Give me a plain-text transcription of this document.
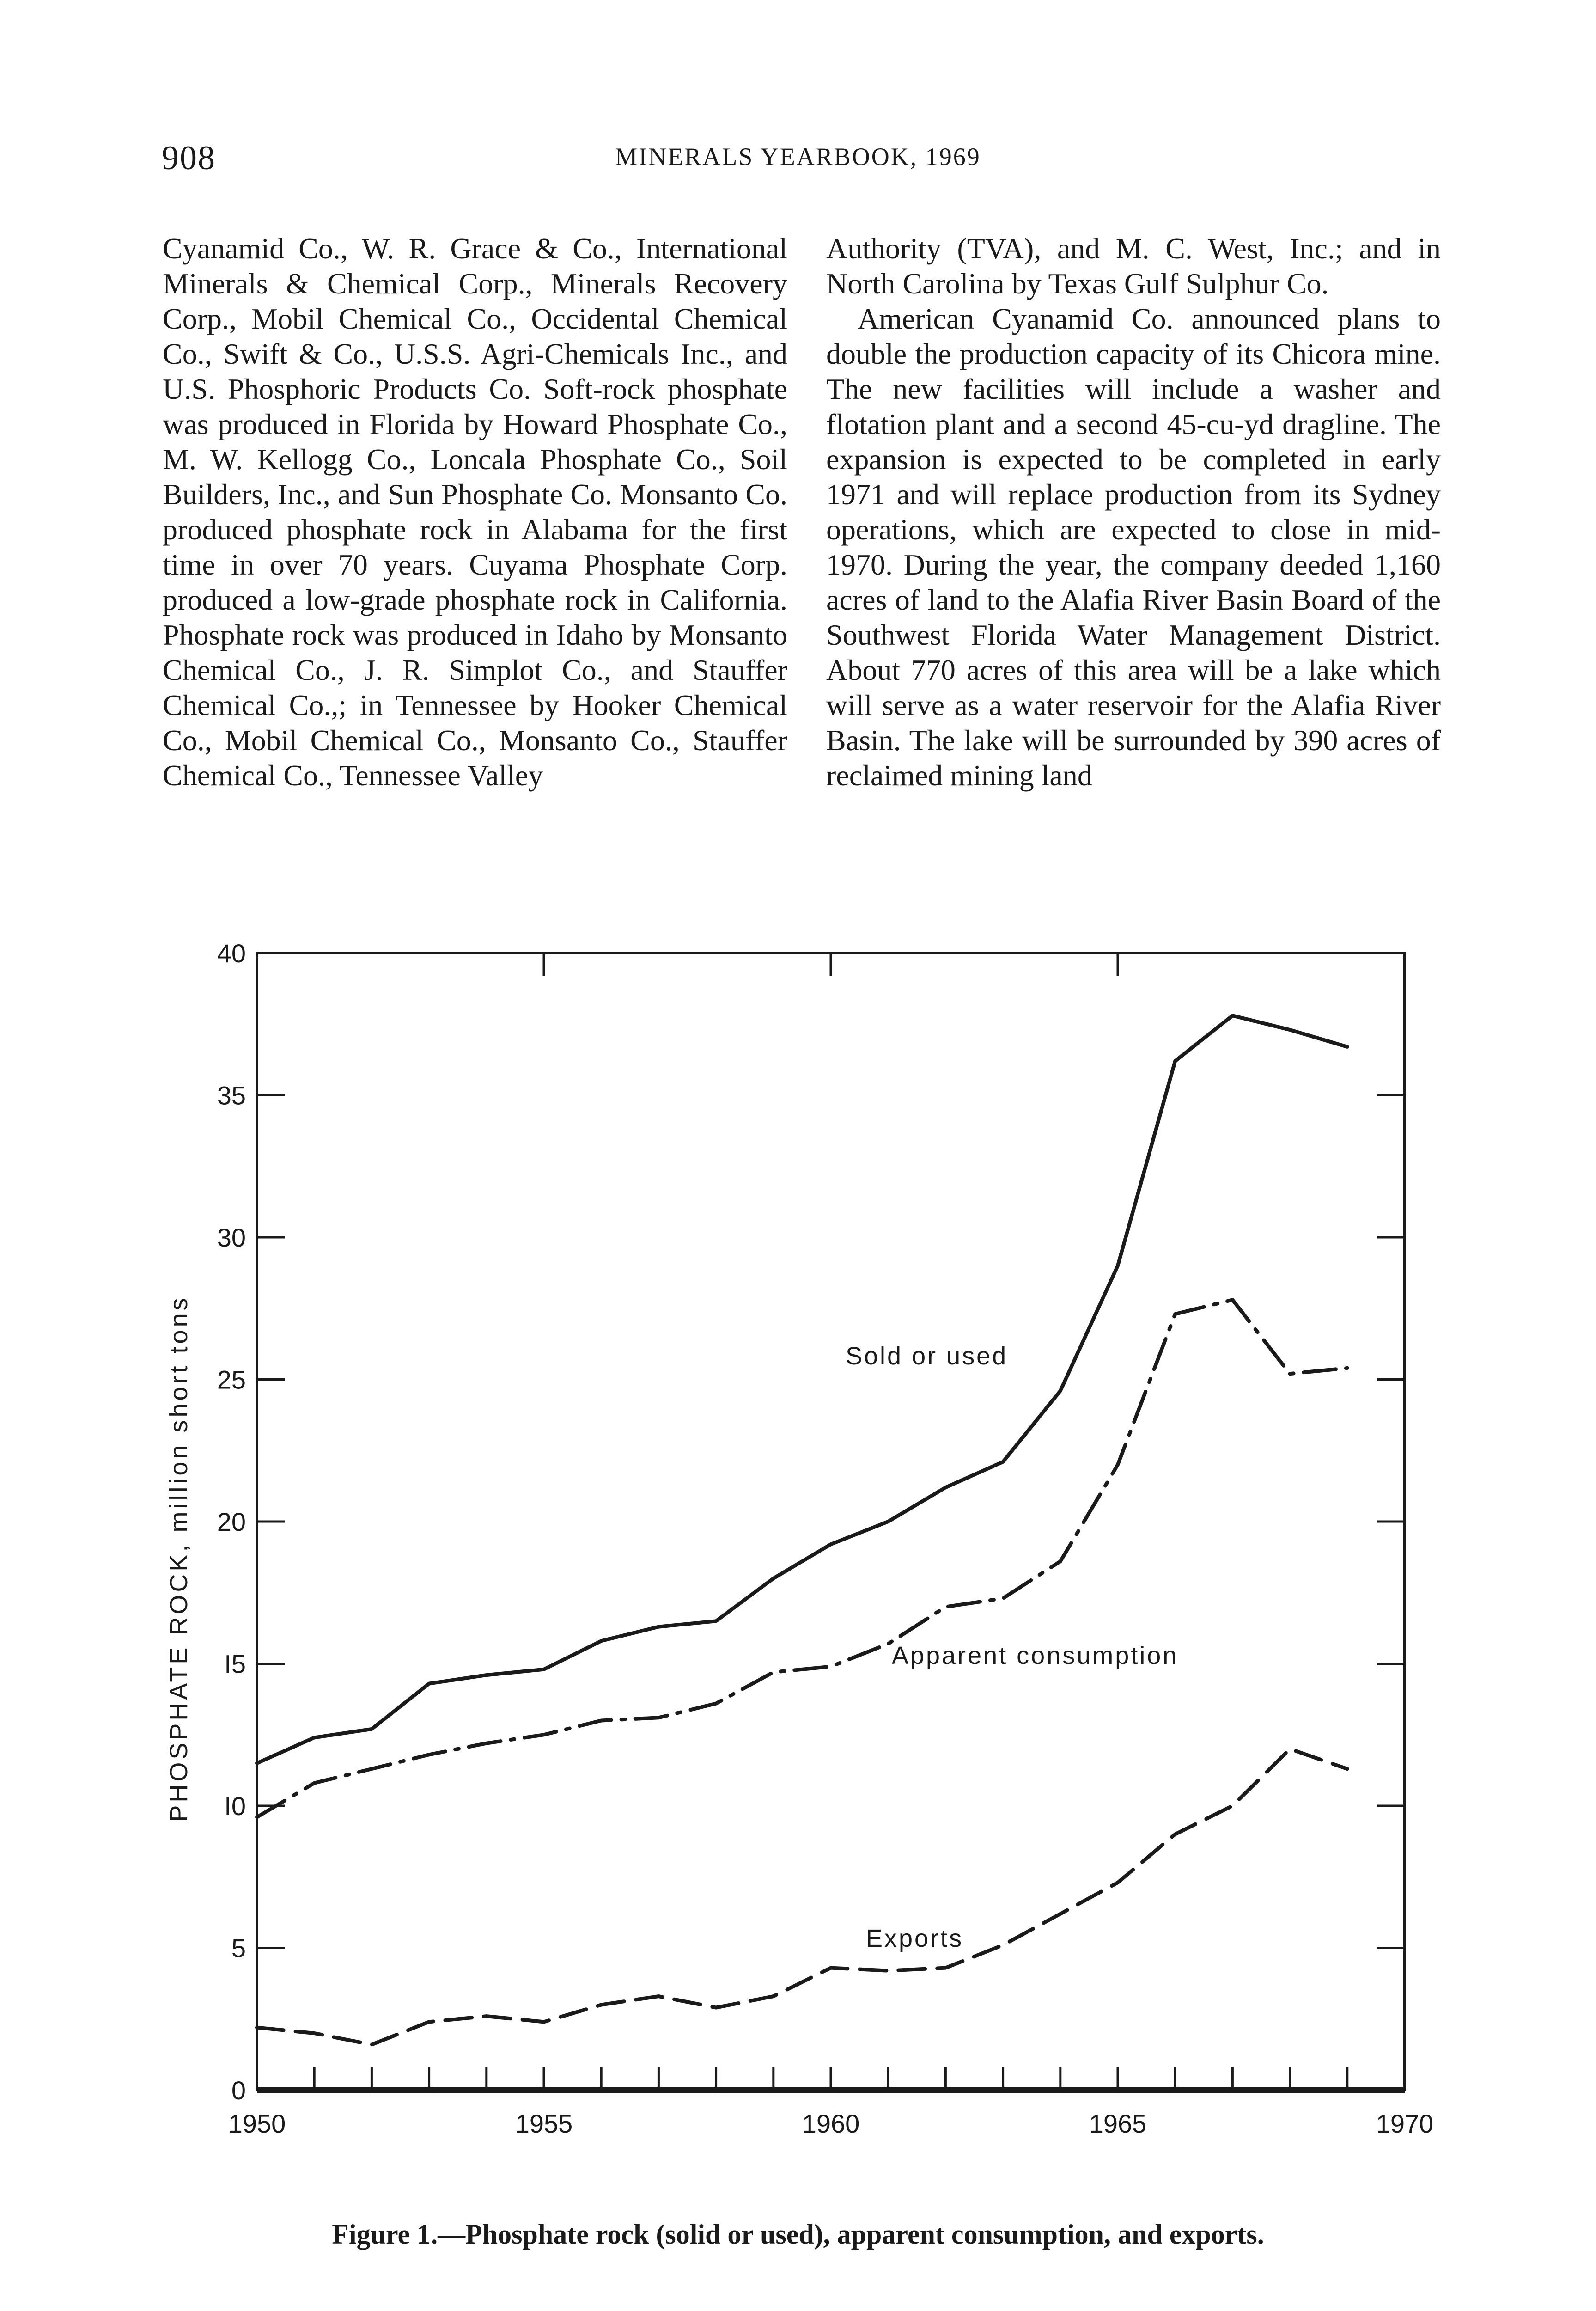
908	MINERALS YEARBOOK, 1969

Cyanamid Co., W. R. Grace & Co., International Minerals & Chemical Corp., Minerals Recovery Corp., Mobil Chemical Co., Occidental Chemical Co., Swift & Co., U.S.S. Agri-Chemicals Inc., and U.S. Phosphoric Products Co. Soft-rock phosphate was produced in Florida by Howard Phosphate Co., M. W. Kellogg Co., Loncala Phosphate Co., Soil Builders, Inc., and Sun Phosphate Co. Monsanto Co. produced phosphate rock in Alabama for the first time in over 70 years. Cuyama Phosphate Corp. produced a low-grade phosphate rock in California. Phosphate rock was produced in Idaho by Monsanto Chemical Co., J. R. Simplot Co., and Stauffer Chemical Co.,; in Tennessee by Hooker Chemical Co., Mobil Chemical Co., Monsanto Co., Stauffer Chemical Co., Tennessee Valley

Authority (TVA), and M. C. West, Inc.; and in North Carolina by Texas Gulf Sulphur Co.

American Cyanamid Co. announced plans to double the production capacity of its Chicora mine. The new facilities will include a washer and flotation plant and a second 45-cu-yd dragline. The expansion is expected to be completed in early 1971 and will replace production from its Sydney operations, which are expected to close in mid-1970. During the year, the company deeded 1,160 acres of land to the Alafia River Basin Board of the Southwest Florida Water Management District. About 770 acres of this area will be a lake which will serve as a water reservoir for the Alafia River Basin. The lake will be surrounded by 390 acres of reclaimed mining land

0
5
I0
I5
20
25
30
35
40
1950	1955	1960	1965	1970
PHOSPHATE ROCK, million short tons	Sold or used
Apparent consumption
Exports
Figure 1.—Phosphate rock (solid or used), apparent consumption, and exports.
